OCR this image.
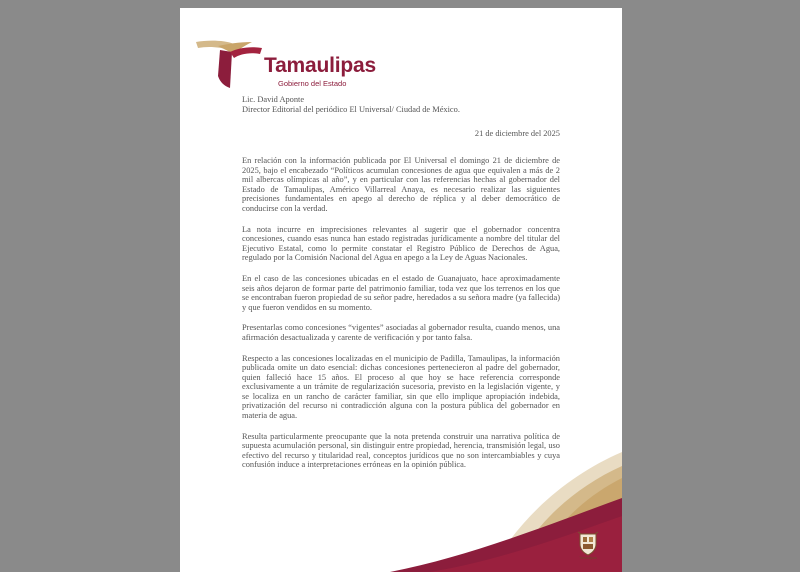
Tamaulipas
Gobierno del Estado
Lic. David Aponte
Director Editorial del periódico El Universal/ Ciudad de México.
21 de diciembre del 2025

En relación con la información publicada por El Universal el domingo 21 de diciembre de 2025, bajo el encabezado “Políticos acumulan concesiones de agua que equivalen a más de 2 mil albercas olímpicas al año”, y en particular con las referencias hechas al gobernador del Estado de Tamaulipas, Américo Villarreal Anaya, es necesario realizar las siguientes precisiones fundamentales en apego al derecho de réplica y al deber democrático de conducirse con la verdad.

La nota incurre en imprecisiones relevantes al sugerir que el gobernador concentra concesiones, cuando esas nunca han estado registradas jurídicamente a nombre del titular del Ejecutivo Estatal, como lo permite constatar el Registro Público de Derechos de Agua, regulado por la Comisión Nacional del Agua en apego a la Ley de Aguas Nacionales.

En el caso de las concesiones ubicadas en el estado de Guanajuato, hace aproximadamente seis años dejaron de formar parte del patrimonio familiar, toda vez que los terrenos en los que se encontraban fueron propiedad de su señor padre, heredados a su señora madre (ya fallecida) y que fueron vendidos en su momento.

Presentarlas como concesiones “vigentes” asociadas al gobernador resulta, cuando menos, una afirmación desactualizada y carente de verificación y por tanto falsa.

Respecto a las concesiones localizadas en el municipio de Padilla, Tamaulipas, la información publicada omite un dato esencial: dichas concesiones pertenecieron al padre del gobernador, quien falleció hace 15 años. El proceso al que hoy se hace referencia corresponde exclusivamente a un trámite de regularización sucesoria, previsto en la legislación vigente, y se localiza en un rancho de carácter familiar, sin que ello implique apropiación indebida, privatización del recurso ni contradicción alguna con la postura pública del gobernador en materia de agua.

Resulta particularmente preocupante que la nota pretenda construir una narrativa política de supuesta acumulación personal, sin distinguir entre propiedad, herencia, transmisión legal, uso efectivo del recurso y titularidad real, conceptos jurídicos que no son intercambiables y cuya confusión induce a interpretaciones erróneas en la opinión pública.

Tamaulipas
